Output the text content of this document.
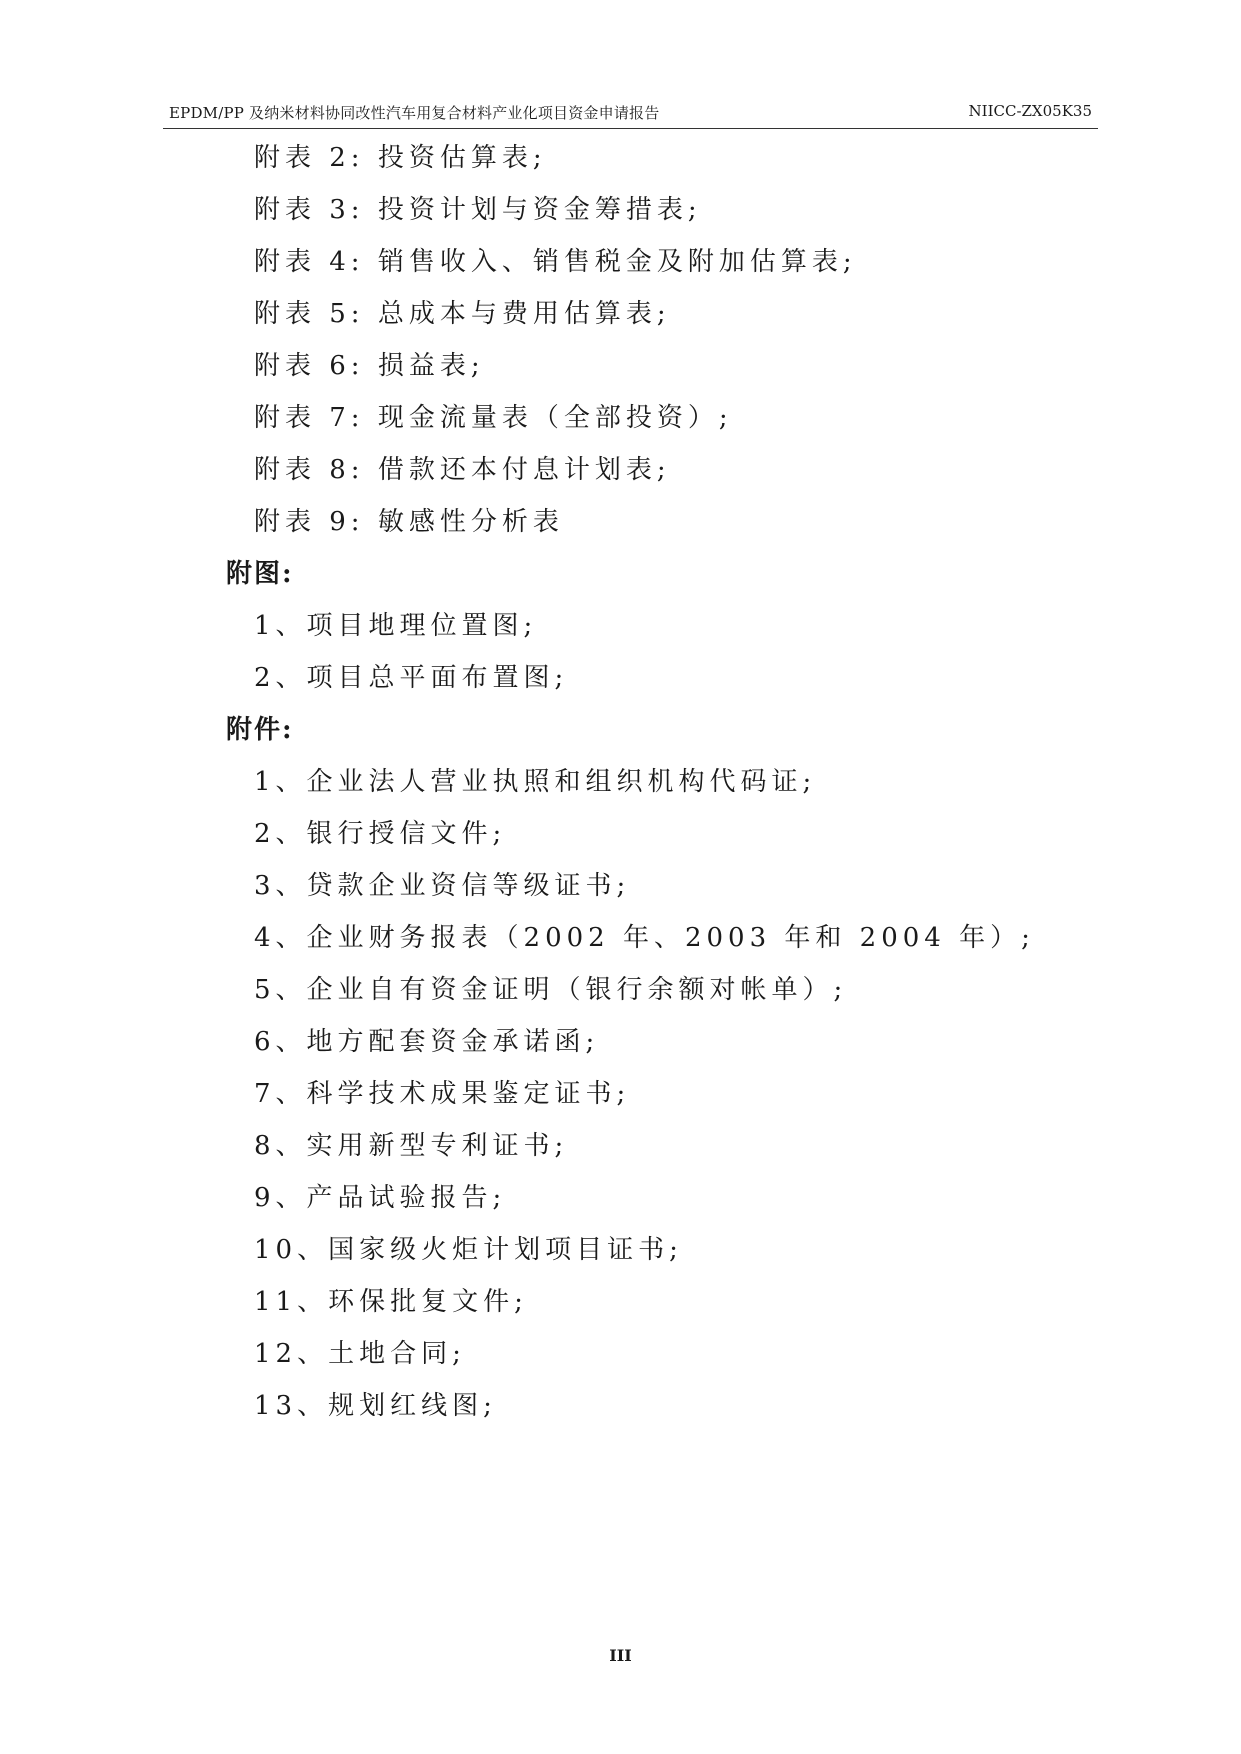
EPDM/PP 及纳米材料协同改性汽车用复合材料产业化项目资金申请报告	NIICC-ZX05K35
附表 2: 投资估算表;
附表 3: 投资计划与资金筹措表;
附表 4: 销售收入、销售税金及附加估算表;
附表 5: 总成本与费用估算表;
附表 6: 损益表;
附表 7: 现金流量表（全部投资）;
附表 8: 借款还本付息计划表;
附表 9: 敏感性分析表
附图:
1、项目地理位置图;
2、项目总平面布置图;
附件:
1、企业法人营业执照和组织机构代码证;
2、银行授信文件;
3、贷款企业资信等级证书;
4、企业财务报表（2002 年、2003 年和 2004 年）;
5、企业自有资金证明（银行余额对帐单）;
6、地方配套资金承诺函;
7、科学技术成果鉴定证书;
8、实用新型专利证书;
9、产品试验报告;
10、国家级火炬计划项目证书;
11、环保批复文件;
12、土地合同;
13、规划红线图;
III
